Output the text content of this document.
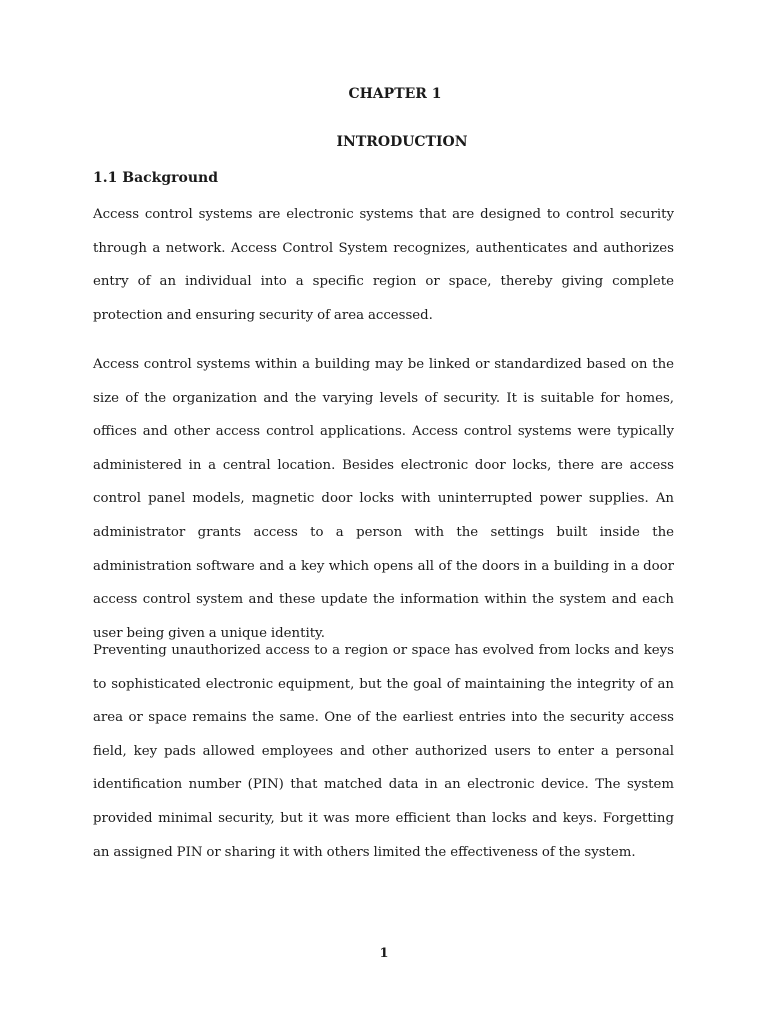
CHAPTER 1
INTRODUCTION
1.1 Background

Access control systems are electronic systems that are designed to control security through a network. Access Control System recognizes, authenticates and authorizes entry of an individual into a specific region or space, thereby giving complete protection and ensuring security of area accessed.

Access control systems within a building may be linked or standardized based on the size of the organization and the varying levels of security. It is suitable for homes, offices and other access control applications. Access control systems were typically administered in a central location. Besides electronic door locks, there are access control panel models, magnetic door locks with uninterrupted power supplies. An administrator grants access to a person with the settings built inside the administration software and a key which opens all of the doors in a building in a door access control system and these update the information within the system and each user being given a unique identity.

Preventing unauthorized access to a region or space has evolved from locks and keys to sophisticated electronic equipment, but the goal of maintaining the integrity of an area or space remains the same. One of the earliest entries into the security access field, key pads allowed employees and other authorized users to enter a personal identification number (PIN) that matched data in an electronic device. The system provided minimal security, but it was more efficient than locks and keys. Forgetting an assigned PIN or sharing it with others limited the effectiveness of the system.

1
